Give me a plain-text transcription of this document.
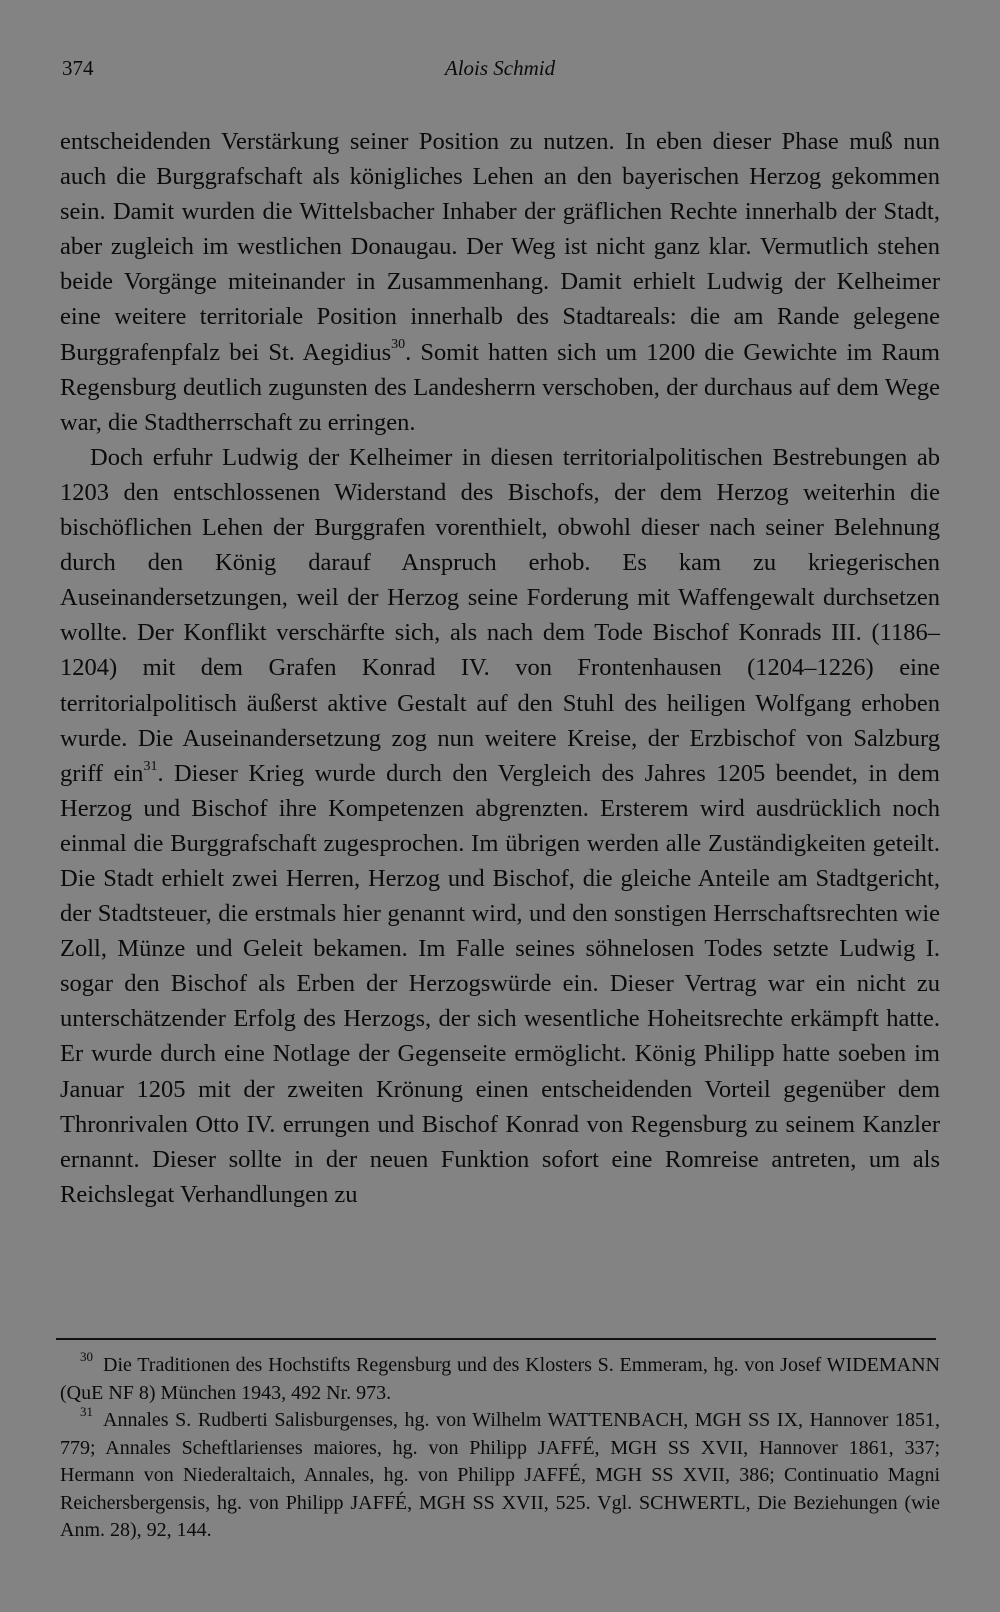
374	Alois Schmid

entscheidenden Verstärkung seiner Position zu nutzen. In eben dieser Phase muß nun auch die Burggrafschaft als königliches Lehen an den bayerischen Herzog gekommen sein. Damit wurden die Wittelsbacher Inhaber der gräflichen Rechte innerhalb der Stadt, aber zugleich im westlichen Donaugau. Der Weg ist nicht ganz klar. Vermutlich stehen beide Vorgänge miteinander in Zusammenhang. Damit erhielt Ludwig der Kelheimer eine weitere territoriale Position innerhalb des Stadtareals: die am Rande gelegene Burggrafenpfalz bei St. Aegidius$^{30}$. Somit hatten sich um 1200 die Gewichte im Raum Regensburg deutlich zugunsten des Landesherrn verschoben, der durchaus auf dem Wege war, die Stadtherrschaft zu erringen.

Doch erfuhr Ludwig der Kelheimer in diesen territorialpolitischen Bestrebungen ab 1203 den entschlossenen Widerstand des Bischofs, der dem Herzog weiterhin die bischöflichen Lehen der Burggrafen vorenthielt, obwohl dieser nach seiner Belehnung durch den König darauf Anspruch erhob. Es kam zu kriegerischen Auseinandersetzungen, weil der Herzog seine Forderung mit Waffengewalt durchsetzen wollte. Der Konflikt verschärfte sich, als nach dem Tode Bischof Konrads III. (1186–1204) mit dem Grafen Konrad IV. von Frontenhausen (1204–1226) eine territorialpolitisch äußerst aktive Gestalt auf den Stuhl des heiligen Wolfgang erhoben wurde. Die Auseinandersetzung zog nun weitere Kreise, der Erzbischof von Salzburg griff ein$^{31}$. Dieser Krieg wurde durch den Vergleich des Jahres 1205 beendet, in dem Herzog und Bischof ihre Kompetenzen abgrenzten. Ersterem wird ausdrücklich noch einmal die Burggrafschaft zugesprochen. Im übrigen werden alle Zuständigkeiten geteilt. Die Stadt erhielt zwei Herren, Herzog und Bischof, die gleiche Anteile am Stadtgericht, der Stadtsteuer, die erstmals hier genannt wird, und den sonstigen Herrschaftsrechten wie Zoll, Münze und Geleit bekamen. Im Falle seines söhnelosen Todes setzte Ludwig I. sogar den Bischof als Erben der Herzogswürde ein. Dieser Vertrag war ein nicht zu unterschätzender Erfolg des Herzogs, der sich wesentliche Hoheitsrechte erkämpft hatte. Er wurde durch eine Notlage der Gegenseite ermöglicht. König Philipp hatte soeben im Januar 1205 mit der zweiten Krönung einen entscheidenden Vorteil gegenüber dem Thronrivalen Otto IV. errungen und Bischof Konrad von Regensburg zu seinem Kanzler ernannt. Dieser sollte in der neuen Funktion sofort eine Romreise antreten, um als Reichslegat Verhandlungen zu

$^{30}$ Die Traditionen des Hochstifts Regensburg und des Klosters S. Emmeram, hg. von Josef WIDEMANN (QuE NF 8) München 1943, 492 Nr. 973.

$^{31}$ Annales S. Rudberti Salisburgenses, hg. von Wilhelm WATTENBACH, MGH SS IX, Hannover 1851, 779; Annales Scheftlarienses maiores, hg. von Philipp JAFFÉ, MGH SS XVII, Hannover 1861, 337; Hermann von Niederaltaich, Annales, hg. von Philipp JAFFÉ, MGH SS XVII, 386; Continuatio Magni Reichersbergensis, hg. von Philipp JAFFÉ, MGH SS XVII, 525. Vgl. SCHWERTL, Die Beziehungen (wie Anm. 28), 92, 144.
